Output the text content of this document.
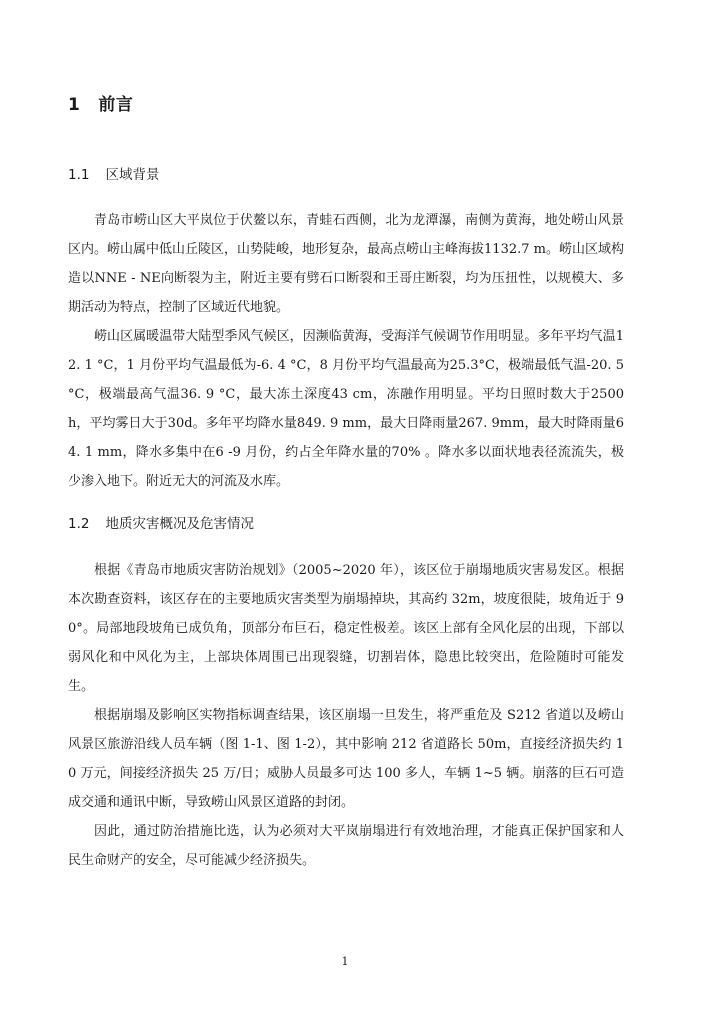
1 前言
1.1 区域背景

青岛市崂山区大平岚位于伏鳌以东，青蛙石西侧，北为龙潭瀑，南侧为黄海，地处崂山风景区内。崂山属中低山丘陵区，山势陡峻，地形复杂，最高点崂山主峰海拔1132.7 m。崂山区域构造以NNE - NE向断裂为主，附近主要有劈石口断裂和王哥庄断裂，均为压扭性，以规模大、多期活动为特点，控制了区域近代地貌。

崂山区属暖温带大陆型季风气候区，因濒临黄海，受海洋气候调节作用明显。多年平均气温12. 1 °C，1 月份平均气温最低为-6. 4 °C，8 月份平均气温最高为25.3°C，极端最低气温-20. 5 °C，极端最高气温36. 9 °C，最大冻土深度43 cm，冻融作用明显。平均日照时数大于2500 h，平均雾日大于30d。多年平均降水量849. 9 mm，最大日降雨量267. 9mm，最大时降雨量64. 1 mm，降水多集中在6 -9 月份，约占全年降水量的70% 。降水多以面状地表径流流失，极少渗入地下。附近无大的河流及水库。

1.2 地质灾害概况及危害情况

根据《青岛市地质灾害防治规划》（2005~2020 年），该区位于崩塌地质灾害易发区。根据本次勘查资料，该区存在的主要地质灾害类型为崩塌掉块，其高约 32m，坡度很陡，坡角近于 90°。局部地段坡角已成负角，顶部分布巨石，稳定性极差。该区上部有全风化层的出现，下部以弱风化和中风化为主，上部块体周围已出现裂缝，切割岩体，隐患比较突出，危险随时可能发生。

根据崩塌及影响区实物指标调查结果，该区崩塌一旦发生，将严重危及 S212 省道以及崂山风景区旅游沿线人员车辆（图 1-1、图 1-2），其中影响 212 省道路长 50m，直接经济损失约 10 万元，间接经济损失 25 万/日；威胁人员最多可达 100 多人，车辆 1~5 辆。崩落的巨石可造成交通和通讯中断，导致崂山风景区道路的封闭。

因此，通过防治措施比选，认为必须对大平岚崩塌进行有效地治理，才能真正保护国家和人民生命财产的安全，尽可能减少经济损失。

1
